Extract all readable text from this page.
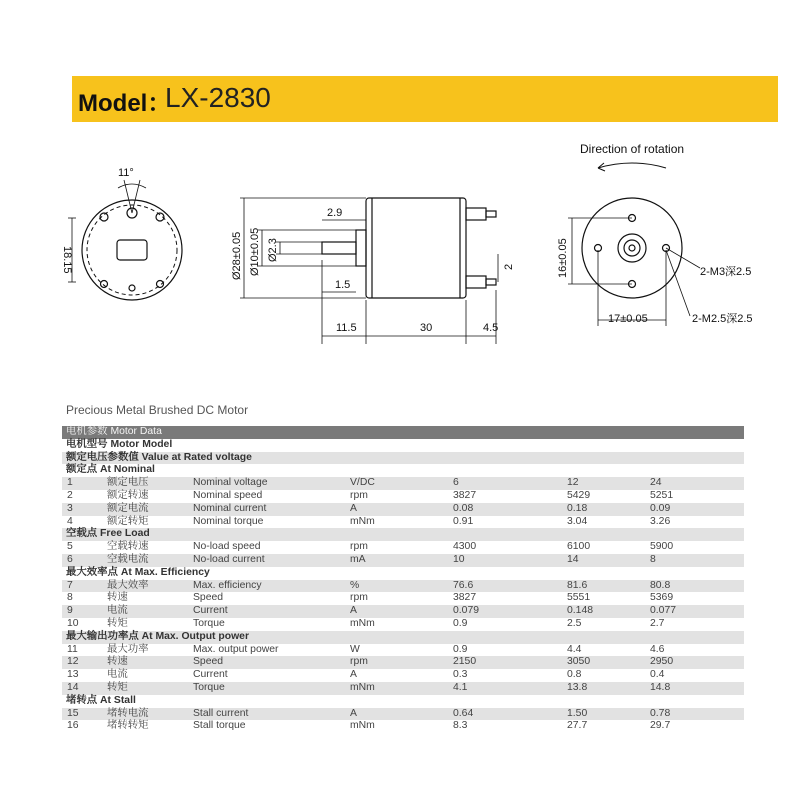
Model：
LX-2830
11°
18.15	Ø28±0.05 Ø10±0.05 Ø2.3
2.9
1.5
2
11.5	30	4.5
Direction of rotation
16±0.05
17±0.05
2-M3深2.5
2-M2.5深2.5
Precious Metal Brushed DC Motor
电机参数 Motor Data
电机型号 Motor Model
额定电压参数值 Value at Rated voltage
额定点 At Nominal
1	额定电压	Nominal voltage	V/DC	6	12	24
2	额定转速	Nominal speed	rpm	3827	5429	5251
3	额定电流	Nominal current	A	0.08	0.18	0.09
4	额定转矩	Nominal torque	mNm	0.91	3.04	3.26
空载点 Free Load
5	空载转速	No-load speed	rpm	4300	6100	5900
6	空载电流	No-load current	mA	10	14	8
最大效率点 At Max. Efficiency
7	最大效率	Max. efficiency	%	76.6	81.6	80.8
8	转速	Speed	rpm	3827	5551	5369
9	电流	Current	A	0.079	0.148	0.077
10	转矩	Torque	mNm	0.9	2.5	2.7
最大输出功率点 At Max. Output power
11	最大功率	Max. output power	W	0.9	4.4	4.6
12	转速	Speed	rpm	2150	3050	2950
13	电流	Current	A	0.3	0.8	0.4
14	转矩	Torque	mNm	4.1	13.8	14.8
堵转点 At Stall
15	堵转电流	Stall current	A	0.64	1.50	0.78
16	堵转转矩	Stall torque	mNm	8.3	27.7	29.7
